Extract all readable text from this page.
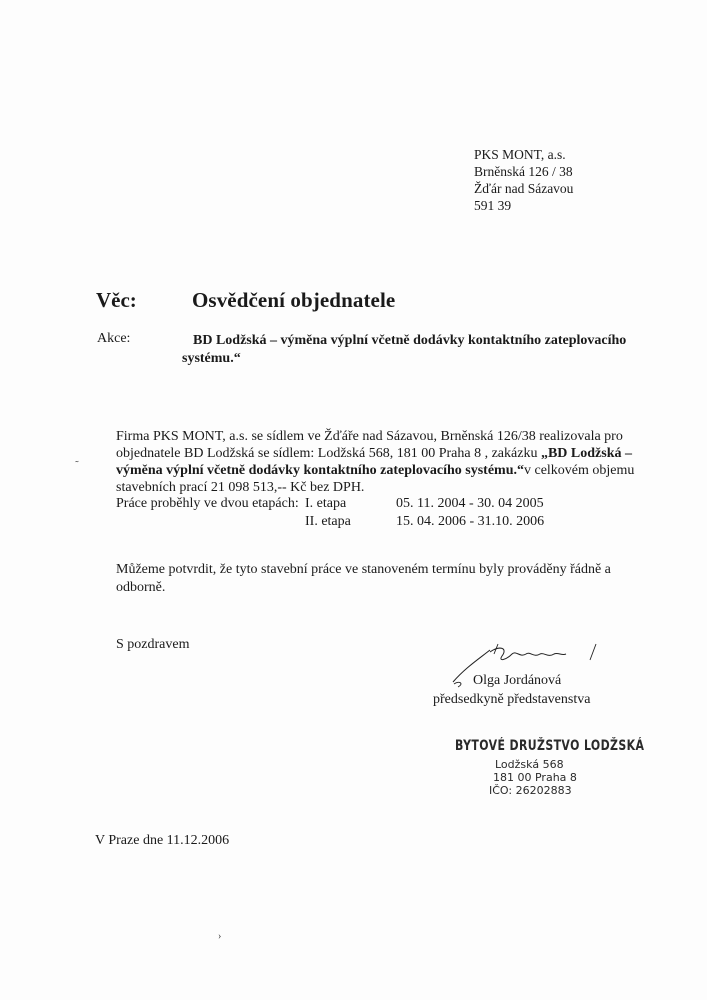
PKS MONT, a.s.
Brněnská 126 / 38
Žďár nad Sázavou
591 39
Věc:	Osvědčení objednatele
Akce:	BD Lodžská – výměna výplní včetně dodávky kontaktního zateplovacího systému.“
˷
Firma PKS MONT, a.s. se sídlem ve Žďáře nad Sázavou, Brněnská 126/38 realizovala pro
objednatele BD Lodžská se sídlem: Lodžská 568, 181 00 Praha 8 , zakázku „BD Lodžská –
výměna výplní včetně dodávky kontaktního zateplovacího systému.“v celkovém objemu
stavebních prací 21 098 513,-- Kč bez DPH.
Práce proběhly ve dvou etapách: I. etapa	05. 11. 2004 - 30. 04 2005
II. etapa	15. 04. 2006 - 31.10. 2006
Můžeme potvrdit, že tyto stavební práce ve stanoveném termínu byly prováděny řádně a odborně.
S pozdravem
Olga Jordánová
předsedkyně představenstva
BYTOVÉ DRUŽSTVO LODŽSKÁ
Lodžská 568
181 00 Praha 8
IČO: 26202883
V Praze dne 11.12.2006
›
